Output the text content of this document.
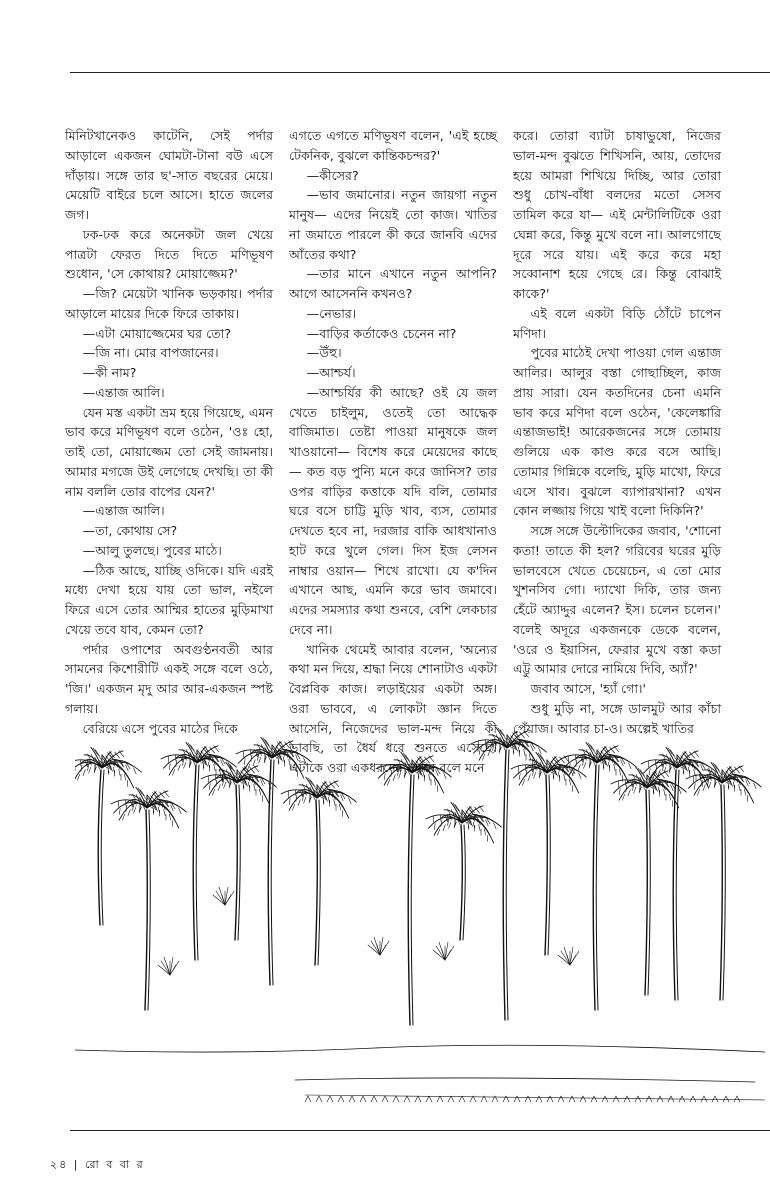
মিনিটখানেকও কাটেনি, সেই পর্দার আড়ালে একজন ঘোমটা-টানা বউ এসে দাঁড়ায়। সঙ্গে তার ছ'-সাত বছরের মেয়ে। মেয়েটি বাইরে চলে আসে। হাতে জলের জগ।

ঢক-ঢক করে অনেকটা জল খেয়ে পাত্রটা ফেরত দিতে দিতে মণিভূষণ শুধোন, 'সে কোথায়? মোয়াজ্জেম?'

—জি? মেয়েটা খানিক ভড়কায়। পর্দার আড়ালে মায়ের দিকে ফিরে তাকায়।

—এটা মোয়াজ্জেমের ঘর তো?

—জি না। মোর বাপজানের।

—কী নাম?

—এন্তাজ আলি।

যেন মস্ত একটা ভ্রম হয়ে গিয়েছে, এমন ভাব করে মণিভূষণ বলে ওঠেন, 'ওঃ হো, তাই তো, মোয়াজ্জেম তো সেই জামনায়। আমার মগজে উই লেগেছে দেখছি। তা কী নাম বললি তোর বাপের যেন?'

—এন্তাজ আলি।

—তা, কোথায় সে?

—আলু তুলছে। পুবের মাঠে।

—ঠিক আছে, যাচ্ছি ওদিকে। যদি এরই মধ্যে দেখা হয়ে যায় তো ভাল, নইলে ফিরে এসে তোর আম্মির হাতের মুড়িমাখা খেয়ে তবে যাব, কেমন তো?

পর্দার ওপাশের অবগুণ্ঠনবতী আর সামনের কিশোরীটি একই সঙ্গে বলে ওঠে, 'জি।' একজন মৃদু আর আর-একজন স্পষ্ট গলায়।

বেরিয়ে এসে পুবের মাঠের দিকে

এগতে এগতে মণিভূষণ বলেন, 'এই হচ্ছে টেকনিক, বুঝলে কান্তিকচন্দর?'

—কীসের?

—ভাব জমানোর। নতুন জায়গা নতুন মানুষ— এদের নিয়েই তো কাজ। খাতির না জমাতে পারলে কী করে জানবি এদের আঁতের কথা?

—তার মানে এখানে নতুন আপনি? আগে আসেননি কখনও?

—নেভার।

—বাড়ির কর্তাকেও চেনেন না?

—উঁহু।

—আশ্চর্য।

—আশ্চর্যির কী আছে? ওই যে জল খেতে চাইলুম, ওতেই তো আদ্ধেক বাজিমাত। তেষ্টা পাওয়া মানুষকে জল খাওয়ানো— বিশেষ করে মেয়েদের কাছে— কত বড় পুন্যি মনে করে জানিস? তার ওপর বাড়ির কত্তাকে যদি বলি, তোমার ঘরে বসে চাট্টি মুড়ি খাব, ব্যস, তোমার দেখতে হবে না, দরজার বাকি আধখানাও হাট করে খুলে গেল। দিস ইজ লেসন নাম্বার ওয়ান— শিখে রাখো। যে ক'দিন এখানে আছ, এমনি করে ভাব জমাবে। এদের সমস্যার কথা শুনবে, বেশি লেকচার দেবে না।

খানিক থেমেই আবার বলেন, 'অন্যের কথা মন দিয়ে, শ্রদ্ধা নিয়ে শোনাটাও একটা বৈপ্লবিক কাজ। লড়াইয়ের একটা অঙ্গ। ওরা ভাববে, এ লোকটা জ্ঞান দিতে আসেনি, নিজেদের ভাল-মন্দ নিয়ে কী ভাবছি, তা ধৈর্য ধরে শুনতে এসেছে। এটাকে ওরা একধরনের সম্মান বলে মনে

করে। তোরা ব্যাটা চাষাভুষো, নিজের ভাল-মন্দ বুঝতে শিখিসনি, আয়, তোদের হয়ে আমরা শিখিয়ে দিচ্ছি, আর তোরা শুধু চোখ-বাঁধা বলদের মতো সেসব তামিল করে যা— এই মেন্টালিটিকে ওরা ঘেন্না করে, কিন্তু মুখে বলে না। আলগোছে দূরে সরে যায়। এই করে করে মহা সব্বোনাশ হয়ে গেছে রে। কিন্তু বোঝাই কাকে?'

এই বলে একটা বিড়ি ঠোঁটে চাপেন মণিদা।

পুবের মাঠেই দেখা পাওয়া গেল এন্তাজ আলির। আলুর বস্তা গোছাচ্ছিল, কাজ প্রায় সারা। যেন কতদিনের চেনা এমনি ভাব করে মণিদা বলে ওঠেন, 'কেলেঙ্কারি এন্তাজভাই! আরেকজনের সঙ্গে তোমায় গুলিয়ে এক কাণ্ড করে বসে আছি। তোমার গিন্নিকে বলেছি, মুড়ি মাখো, ফিরে এসে খাব। বুঝলে ব্যাপারখানা? এখন কোন লজ্জায় গিয়ে খাই বলো দিকিনি?'

সঙ্গে সঙ্গে উল্টোদিকের জবাব, 'শোনো কতা! তাতে কী হল? গরিবের ঘরের মুড়ি ভালবেসে খেতে চেয়েচেন, এ তো মোর খুশনসিব গো। দ্যাখো দিকি, তার জন্য হেঁটে অ্যাদ্দুর এলেন? ইস। চলেন চলেন।' বলেই অদূরে একজনকে ডেকে বলেন, 'ওরে ও ইয়াসিন, ফেরার মুখে বস্তা কডা এট্টু আমার দোরে নামিয়ে দিবি, অ্যাঁ?'

জবাব আসে, 'হ্যাঁ গো।'

শুধু মুড়ি না, সঙ্গে ডালমুট আর কাঁচা পেঁয়াজ। আবার চা-ও। অল্পেই খাতির

২৪ | রো ব বা র
